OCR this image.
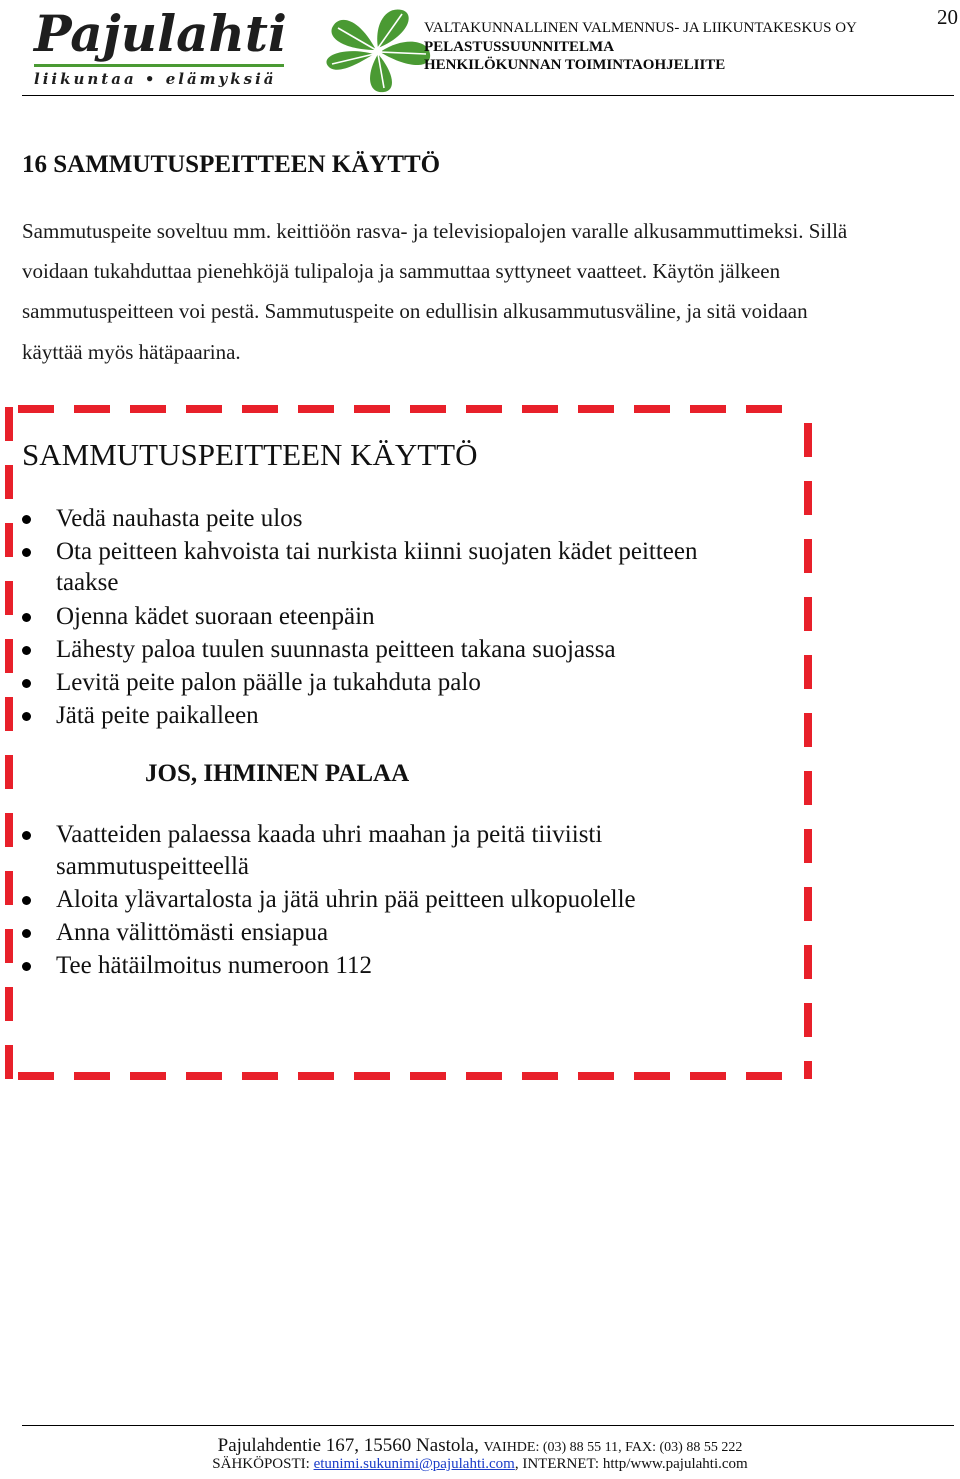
Pajulahti
liikuntaa • elämyksiä
VALTAKUNNALLINEN VALMENNUS- JA LIIKUNTAKESKUS OY
PELASTUSSUUNNITELMA
HENKILÖKUNNAN TOIMINTAOHJELIITE
20
16 SAMMUTUSPEITTEEN KÄYTTÖ
Sammutuspeite soveltuu mm. keittiöön rasva- ja televisiopalojen varalle alkusammuttimeksi. Sillä
voidaan tukahduttaa pienehköjä tulipaloja ja sammuttaa syttyneet vaatteet. Käytön jälkeen
sammutuspeitteen voi pestä. Sammutuspeite on edullisin alkusammutusväline, ja sitä voidaan
käyttää myös hätäpaarina.
SAMMUTUSPEITTEEN KÄYTTÖ
Vedä nauhasta peite ulos
Ota peitteen kahvoista tai nurkista kiinni suojaten kädet peitteen
taakse
Ojenna kädet suoraan eteenpäin
Lähesty paloa tuulen suunnasta peitteen takana suojassa
Levitä peite palon päälle ja tukahduta palo
Jätä peite paikalleen
JOS, IHMINEN PALAA
Vaatteiden palaessa kaada uhri maahan ja peitä tiiviisti
sammutuspeitteellä
Aloita ylävartalosta ja jätä uhrin pää peitteen ulkopuolelle
Anna välittömästi ensiapua
Tee hätäilmoitus numeroon 112
Pajulahdentie 167, 15560 Nastola, VAIHDE: (03) 88 55 11, FAX: (03) 88 55 222
SÄHKÖPOSTI: etunimi.sukunimi@pajulahti.com, INTERNET: http/www.pajulahti.com
